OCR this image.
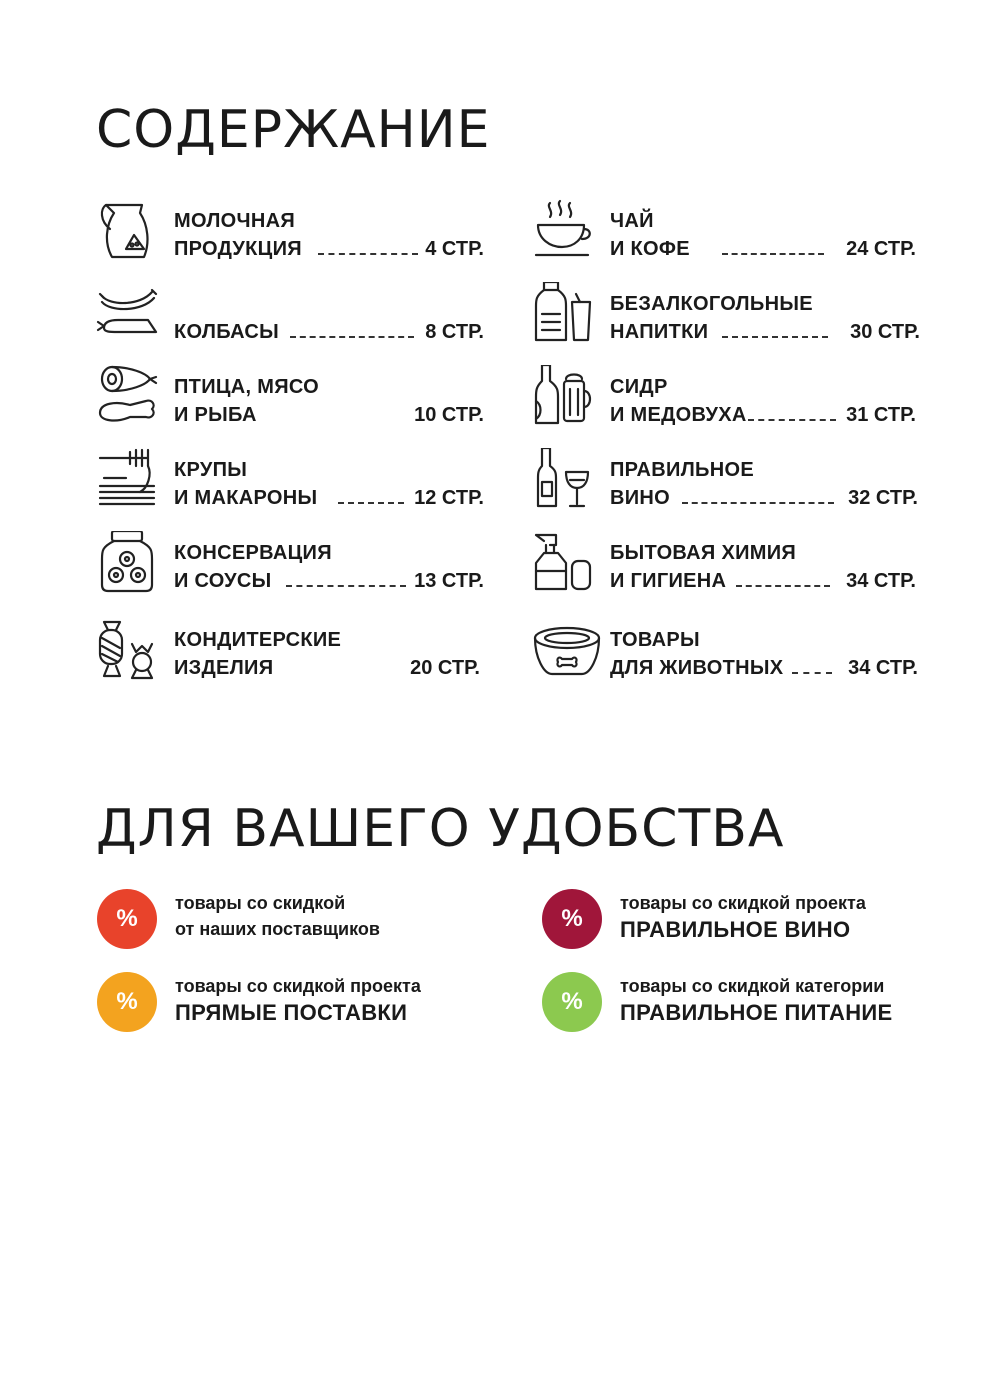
СОДЕРЖАНИЕ
МОЛОЧНАЯ
ПРОДУКЦИЯ	4 СТР.
КОЛБАСЫ	8 СТР.
ПТИЦА, МЯСО
И РЫБА	10 СТР.
КРУПЫ
И МАКАРОНЫ	12 СТР.
КОНСЕРВАЦИЯ
И СОУСЫ	13 СТР.
КОНДИТЕРСКИЕ
ИЗДЕЛИЯ	20 СТР.
ЧАЙ
И КОФЕ	24 СТР.
БЕЗАЛКОГОЛЬНЫЕ
НАПИТКИ	30 СТР.
СИДР
И МЕДОВУХА	31 СТР.
ПРАВИЛЬНОЕ
ВИНО	32 СТР.
БЫТОВАЯ ХИМИЯ
И ГИГИЕНА	34 СТР.
ТОВАРЫ
ДЛЯ ЖИВОТНЫХ	34 СТР.
ДЛЯ ВАШЕГО УДОБСТВА
%
товары со скидкой
от наших поставщиков	%
товары со скидкой проекта
ПРАВИЛЬНОЕ ВИНО
%
товары со скидкой проекта
ПРЯМЫЕ ПОСТАВКИ	%
товары со скидкой категории
ПРАВИЛЬНОЕ ПИТАНИЕ
